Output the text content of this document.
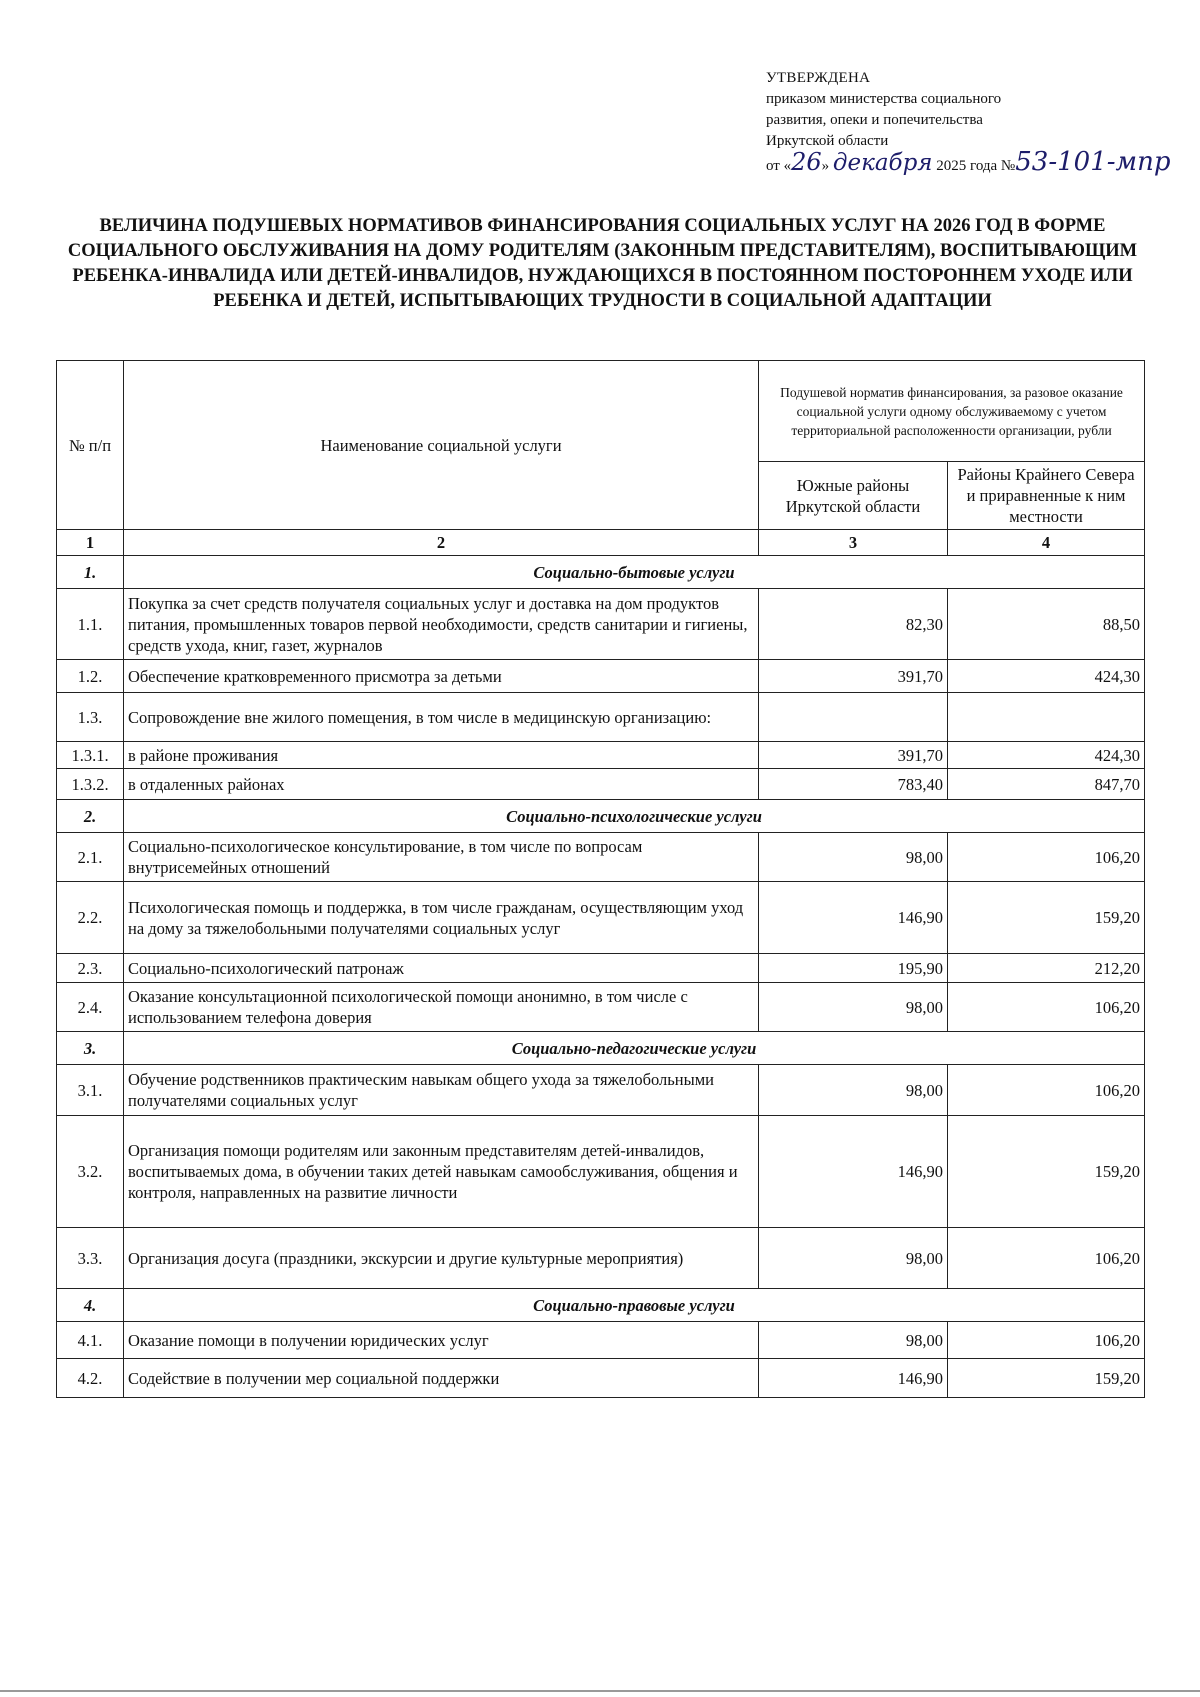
УТВЕРЖДЕНА
приказом министерства социального
развития, опеки и попечительства
Иркутской области
от «26» декабря 2025 года №53-101-мпр
ВЕЛИЧИНА ПОДУШЕВЫХ НОРМАТИВОВ ФИНАНСИРОВАНИЯ СОЦИАЛЬНЫХ УСЛУГ НА 2026 ГОД В ФОРМЕ СОЦИАЛЬНОГО ОБСЛУЖИВАНИЯ НА ДОМУ РОДИТЕЛЯМ (ЗАКОННЫМ ПРЕДСТАВИТЕЛЯМ), ВОСПИТЫВАЮЩИМ РЕБЕНКА-ИНВАЛИДА ИЛИ ДЕТЕЙ-ИНВАЛИДОВ, НУЖДАЮЩИХСЯ В ПОСТОЯННОМ ПОСТОРОННЕМ УХОДЕ ИЛИ РЕБЕНКА И ДЕТЕЙ, ИСПЫТЫВАЮЩИХ ТРУДНОСТИ В СОЦИАЛЬНОЙ АДАПТАЦИИ
№ п/п	Наименование социальной услуги	Подушевой норматив финансирования, за разовое оказание социальной услуги одному обслуживаемому с учетом территориальной расположенности организации, рубли	
		Южные районы Иркутской области	Районы Крайнего Севера и приравненные к ним местности
1	2	3	4
1.	Социально-бытовые услуги		
1.1.	Покупка за счет средств получателя социальных услуг и доставка на дом продуктов питания, промышленных товаров первой необходимости, средств санитарии и гигиены, средств ухода, книг, газет, журналов	82,30	88,50
1.2.	Обеспечение кратковременного присмотра за детьми	391,70	424,30
1.3.	Сопровождение вне жилого помещения, в том числе в медицинскую организацию:		
1.3.1.	в районе проживания	391,70	424,30
1.3.2.	в отдаленных районах	783,40	847,70
2.	Социально-психологические услуги		
2.1.	Социально-психологическое консультирование, в том числе по вопросам внутрисемейных отношений	98,00	106,20
2.2.	Психологическая помощь и поддержка, в том числе гражданам, осуществляющим уход на дому за тяжелобольными получателями социальных услуг	146,90	159,20
2.3.	Социально-психологический патронаж	195,90	212,20
2.4.	Оказание консультационной психологической помощи анонимно, в том числе с использованием телефона доверия	98,00	106,20
3.	Социально-педагогические услуги		
3.1.	Обучение родственников практическим навыкам общего ухода за тяжелобольными получателями социальных услуг	98,00	106,20
3.2.	Организация помощи родителям или законным представителям детей-инвалидов, воспитываемых дома, в обучении таких детей навыкам самообслуживания, общения и контроля, направленных на развитие личности	146,90	159,20
3.3.	Организация досуга (праздники, экскурсии и другие культурные мероприятия)	98,00	106,20
4.	Социально-правовые услуги		
4.1.	Оказание помощи в получении юридических услуг	98,00	106,20
4.2.	Содействие в получении мер социальной поддержки	146,90	159,20
